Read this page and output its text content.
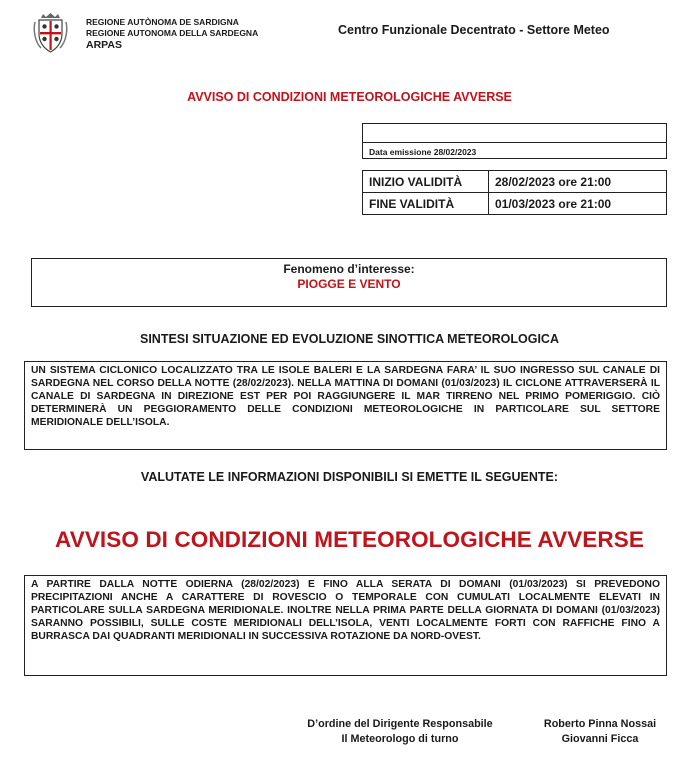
REGIONE AUTÒNOMA DE SARDIGNA
REGIONE AUTONOMA DELLA SARDEGNA
ARPAS
Centro Funzionale Decentrato - Settore Meteo
AVVISO DI CONDIZIONI METEOROLOGICHE AVVERSE
Data emissione 28/02/2023
INIZIO VALIDITÀ	28/02/2023 ore 21:00
FINE VALIDITÀ	01/03/2023 ore 21:00
Fenomeno d’interesse:
PIOGGE E VENTO
SINTESI SITUAZIONE ED EVOLUZIONE SINOTTICA METEOROLOGICA
UN SISTEMA CICLONICO LOCALIZZATO TRA LE ISOLE BALERI E LA SARDEGNA FARA’ IL SUO INGRESSO SUL CANALE DI SARDEGNA NEL CORSO DELLA NOTTE (28/02/2023). NELLA MATTINA DI DOMANI (01/03/2023) IL CICLONE ATTRAVERSERÀ IL CANALE DI SARDEGNA IN DIREZIONE EST PER POI RAGGIUNGERE IL MAR TIRRENO NEL PRIMO POMERIGGIO. CIÒ DETERMINERÀ UN PEGGIORAMENTO DELLE CONDIZIONI METEOROLOGICHE IN PARTICOLARE SUL SETTORE MERIDIONALE DELL’ISOLA.
VALUTATE LE INFORMAZIONI DISPONIBILI SI EMETTE IL SEGUENTE:
AVVISO DI CONDIZIONI METEOROLOGICHE AVVERSE
A PARTIRE DALLA NOTTE ODIERNA (28/02/2023) E FINO ALLA SERATA DI DOMANI (01/03/2023) SI PREVEDONO PRECIPITAZIONI ANCHE A CARATTERE DI ROVESCIO O TEMPORALE CON CUMULATI LOCALMENTE ELEVATI IN PARTICOLARE SULLA SARDEGNA MERIDIONALE. INOLTRE NELLA PRIMA PARTE DELLA GIORNATA DI DOMANI (01/03/2023) SARANNO POSSIBILI, SULLE COSTE MERIDIONALI DELL’ISOLA, VENTI LOCALMENTE FORTI CON RAFFICHE FINO A BURRASCA DAI QUADRANTI MERIDIONALI IN SUCCESSIVA ROTAZIONE DA NORD-OVEST.
D’ordine del Dirigente Responsabile
Il Meteorologo di turno
Roberto Pinna Nossai
Giovanni Ficca
